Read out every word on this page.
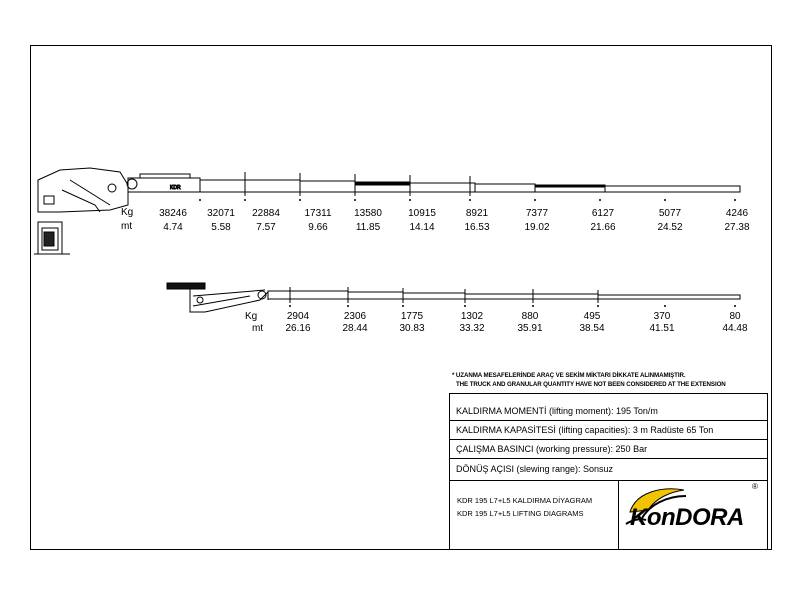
KDR
Kg
mt
38246	32071	22884	17311	13580	10915	8921	7377	6127	5077	4246
4.74	5.58	7.57	9.66	11.85	14.14	16.53	19.02	21.66	24.52	27.38
Kg
mt
2904	2306	1775	1302	880	495	370	80
26.16	28.44	30.83	33.32	35.91	38.54	41.51	44.48
* UZANMA MESAFELERİNDE ARAÇ VE SEKİM MİKTARI DİKKATE ALINMAMIŞTIR.
THE TRUCK AND GRANULAR QUANTITY HAVE NOT BEEN CONSIDERED AT THE EXTENSION
KALDIRMA MOMENTİ (lifting moment): 195 Ton/m
KALDIRMA KAPASİTESİ (lifting capacities): 3 m Radüste 65 Ton
ÇALIŞMA BASINCI (working pressure): 250 Bar
DÖNÜŞ AÇISI (slewing range): Sonsuz
KDR 195 L7+L5 KALDIRMA DİYAGRAM
KDR 195 L7+L5 LIFTING DIAGRAMS KonDORA
®
